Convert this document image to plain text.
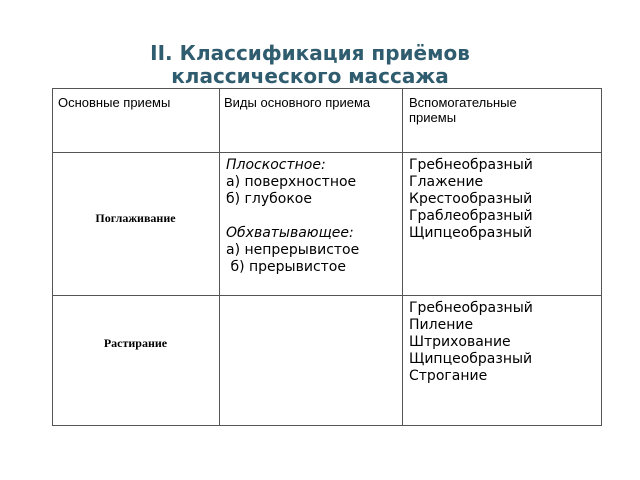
II. Классификация приёмов
классического массажа
Основные приемы	Виды основного приема	Вспомогательные приемы
Поглаживание
Плоскостное:
а) поверхностное
б) глубокое
Обхватывающее:
а) непрерывистое
б) прерывистое
Гребнеобразный
Глажение
Крестообразный
Граблеобразный
Щипцеобразный
Растирание
Гребнеобразный
Пиление
Штрихование
Щипцеобразный
Строгание
